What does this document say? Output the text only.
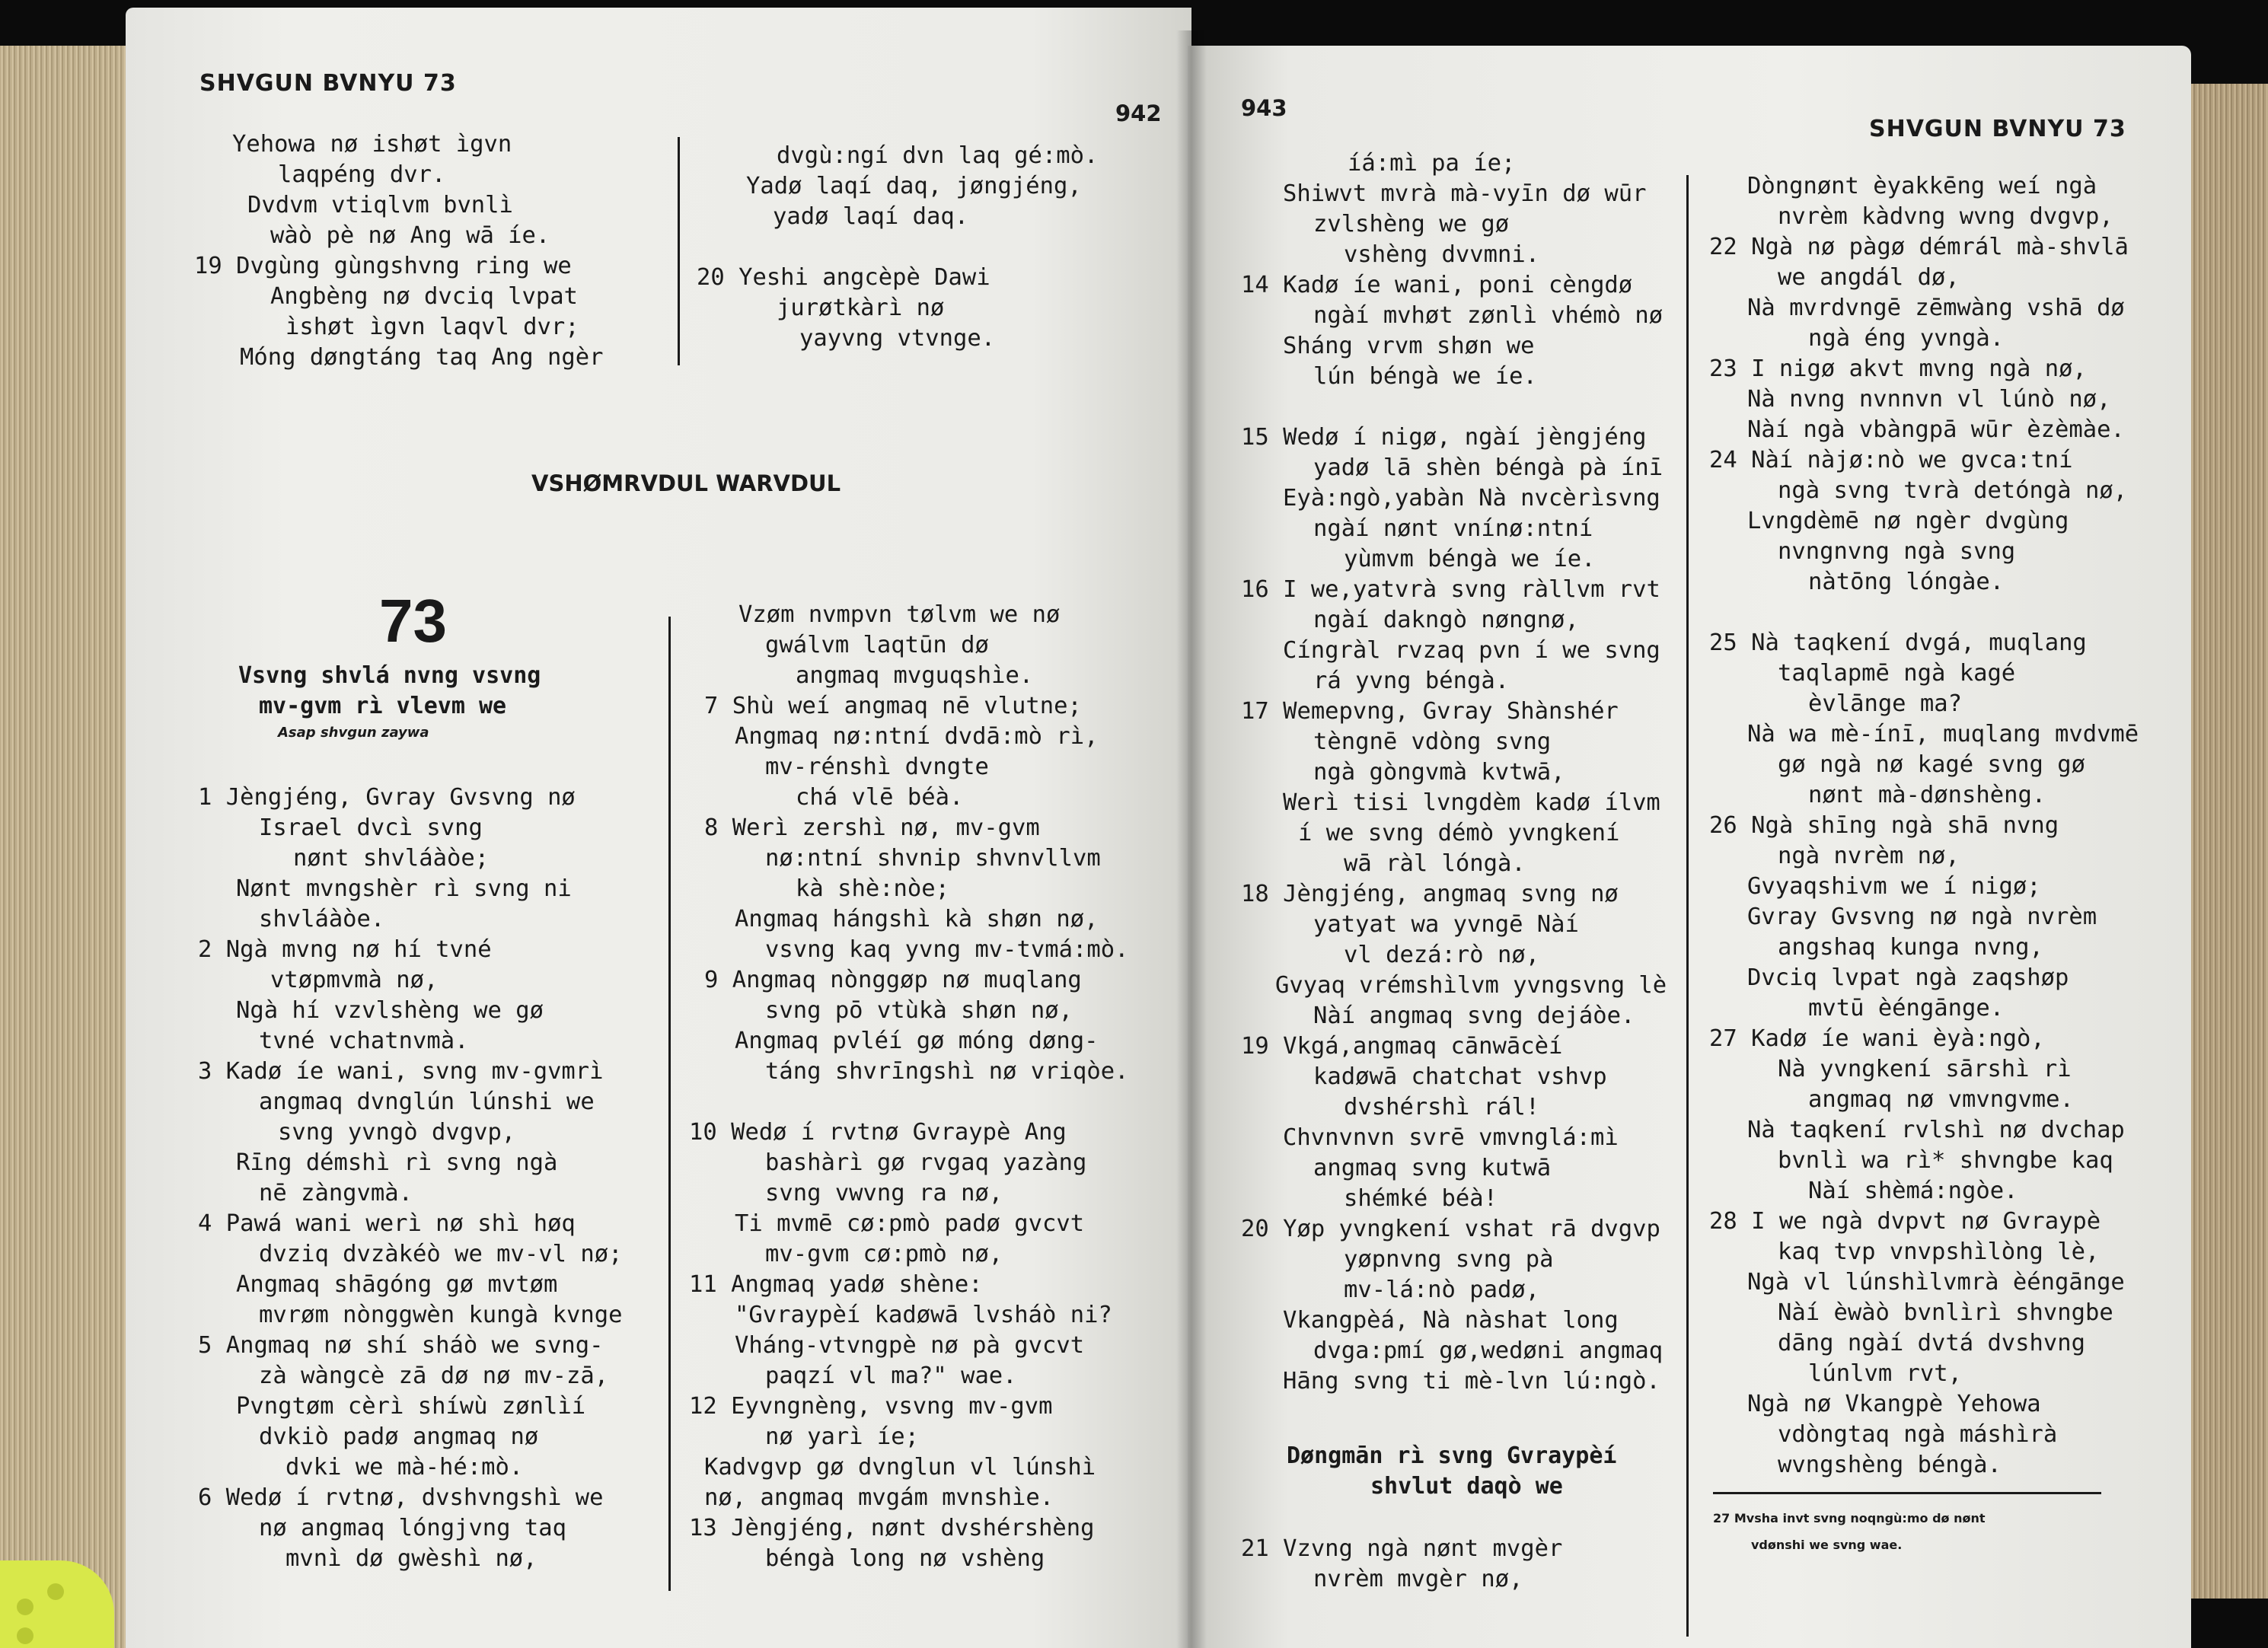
SHVGUN BVNYU 73
942
Yehowa nø ishøt ìgvn
laqpéng dvr.
Dvdvm vtiqlvm bvnlì
wàò pè nø Ang wā íe.
19 Dvgùng gùngshvng ring we
Angbèng nø dvciq lvpat
ìshøt ìgvn laqvl dvr;
Móng døngtáng taq Ang ngèr
dvgù:ngí dvn laq gé:mò.
Yadø laqí daq, jøngjéng,
yadø laqí daq.
20 Yeshi angcèpè Dawi
jurøtkàrì nø
yayvng vtvnge.
VSHØMRVDUL WARVDUL
73
Vsvng shvlá nvng vsvng
mv-gvm rì vlevm we
Asap shvgun zaywa
1 Jèngjéng, Gvray Gvsvng nø
Israel dvcì svng
nønt shvláàòe;
Nønt mvngshèr rì svng ni
shvláàòe.
2 Ngà mvng nø hí tvné
vtøpmvmà nø,
Ngà hí vzvlshèng we gø
tvné vchatnvmà.
3 Kadø íe wani, svng mv-gvmrì
angmaq dvnglún lúnshi we
svng yvngò dvgvp,
Rīng démshì rì svng ngà
nē zàngvmà.
4 Pawá wani werì nø shì høq
dvziq dvzàkéò we mv-vl nø;
Angmaq shāgóng gø mvtøm
mvrøm nònggwèn kungà kvnge
5 Angmaq nø shí sháò we svng-
zà wàngcè zā dø nø mv-zā,
Pvngtøm cèrì shíwù zønlìí
dvkiò padø angmaq nø
dvki we mà-hé:mò.
6 Wedø í rvtnø, dvshvngshì we
nø angmaq lóngjvng taq
mvnì dø gwèshì nø,
Vzøm nvmpvn tølvm we nø
gwálvm laqtūn dø
angmaq mvguqshìe.
7 Shù weí angmaq nē vlutne;
Angmaq nø:ntní dvdā:mò rì,
mv-rénshì dvngte
chá vlē béà.
8 Werì zershì nø, mv-gvm
nø:ntní shvnip shvnvllvm
kà shè:nòe;
Angmaq hángshì kà shøn nø,
vsvng kaq yvng mv-tvmá:mò.
9 Angmaq nònggøp nø muqlang
svng pō vtùkà shøn nø,
Angmaq pvléí gø móng døng-
táng shvrīngshì nø vriqòe.
10 Wedø í rvtnø Gvraypè Ang
bashàrì gø rvgaq yazàng
svng vwvng ra nø,
Ti mvmē cø:pmò padø gvcvt
mv-gvm cø:pmò nø,
11 Angmaq yadø shène:
"Gvraypèí kadøwā lvsháò ni?
Vháng-vtvngpè nø pà gvcvt
paqzí vl ma?" wae.
12 Eyvngnèng, vsvng mv-gvm
nø yarì íe;
Kadvgvp gø dvnglun vl lúnshì
nø, angmaq mvgám mvnshìe.
13 Jèngjéng, nønt dvshérshèng
béngà long nø vshèng
943
SHVGUN BVNYU 73
íá:mì pa íe;
Shiwvt mvrà mà-vyīn dø wūr
zvlshèng we gø
vshèng dvvmni.
14 Kadø íe wani, poni cèngdø
ngàí mvhøt zønlì vhémò nø
Sháng vrvm shøn we
lún béngà we íe.
15 Wedø í nigø, ngàí jèngjéng
yadø lā shèn béngà pà ínī
Eyà:ngò,yabàn Nà nvcèrìsvng
ngàí nønt vnínø:ntní
yùmvm béngà we íe.
16 I we,yatvrà svng ràllvm rvt
ngàí dakngò nøngnø,
Cíngràl rvzaq pvn í we svng
rá yvng béngà.
17 Wemepvng, Gvray Shànshér
tèngnē vdòng svng
ngà gòngvmà kvtwā,
Werì tisi lvngdèm kadø ílvm
í we svng démò yvngkení
wā ràl lóngà.
18 Jèngjéng, angmaq svng nø
yatyat wa yvngē Nàí
vl dezá:rò nø,
Gvyaq vrémshìlvm yvngsvng lè
Nàí angmaq svng dejáòe.
19 Vkgá,angmaq cānwācèí
kadøwā chatchat vshvp
dvshérshì rál!
Chvnvnvn svrē vmvnglá:mì
angmaq svng kutwā
shémké béà!
20 Yøp yvngkení vshat rā dvgvp
yøpnvng svng pà
mv-lá:nò padø,
Vkangpèá, Nà nàshat long
dvga:pmí gø,wedøni angmaq
Hāng svng ti mè-lvn lú:ngò.
Døngmān rì svng Gvraypèí
shvlut daqò we
21 Vzvng ngà nønt mvgèr
nvrèm mvgèr nø,
Dòngnønt èyakkēng weí ngà
nvrèm kàdvng wvng dvgvp,
22 Ngà nø pàgø démrál mà-shvlā
we angdál dø,
Nà mvrdvngē zēmwàng vshā dø
ngà éng yvngà.
23 I nigø akvt mvng ngà nø,
Nà nvng nvnnvn vl lúnò nø,
Nàí ngà vbàngpā wūr èzèmàe.
24 Nàí nàjø:nò we gvca:tní
ngà svng tvrà detóngà nø,
Lvngdèmē nø ngèr dvgùng
nvngnvng ngà svng
nàtōng lóngàe.
25 Nà taqkení dvgá, muqlang
taqlapmē ngà kagé
èvlānge ma?
Nà wa mè-ínī, muqlang mvdvmē
gø ngà nø kagé svng gø
nønt mà-dønshèng.
26 Ngà shīng ngà shā nvng
ngà nvrèm nø,
Gvyaqshivm we í nigø;
Gvray Gvsvng nø ngà nvrèm
angshaq kunga nvng,
Dvciq lvpat ngà zaqshøp
mvtū èéngānge.
27 Kadø íe wani èyà:ngò,
Nà yvngkení sārshì rì
angmaq nø vmvngvme.
Nà taqkení rvlshì nø dvchap
bvnlì wa rì* shvngbe kaq
Nàí shèmá:ngòe.
28 I we ngà dvpvt nø Gvraypè
kaq tvp vnvpshìlòng lè,
Ngà vl lúnshìlvmrà èéngānge
Nàí èwàò bvnlìrì shvngbe
dāng ngàí dvtá dvshvng
lúnlvm rvt,
Ngà nø Vkangpè Yehowa
vdòngtaq ngà máshìrà
wvngshèng béngà.
27 Mvsha invt svng noqngù:mo dø nønt
vdønshi we svng wae.
